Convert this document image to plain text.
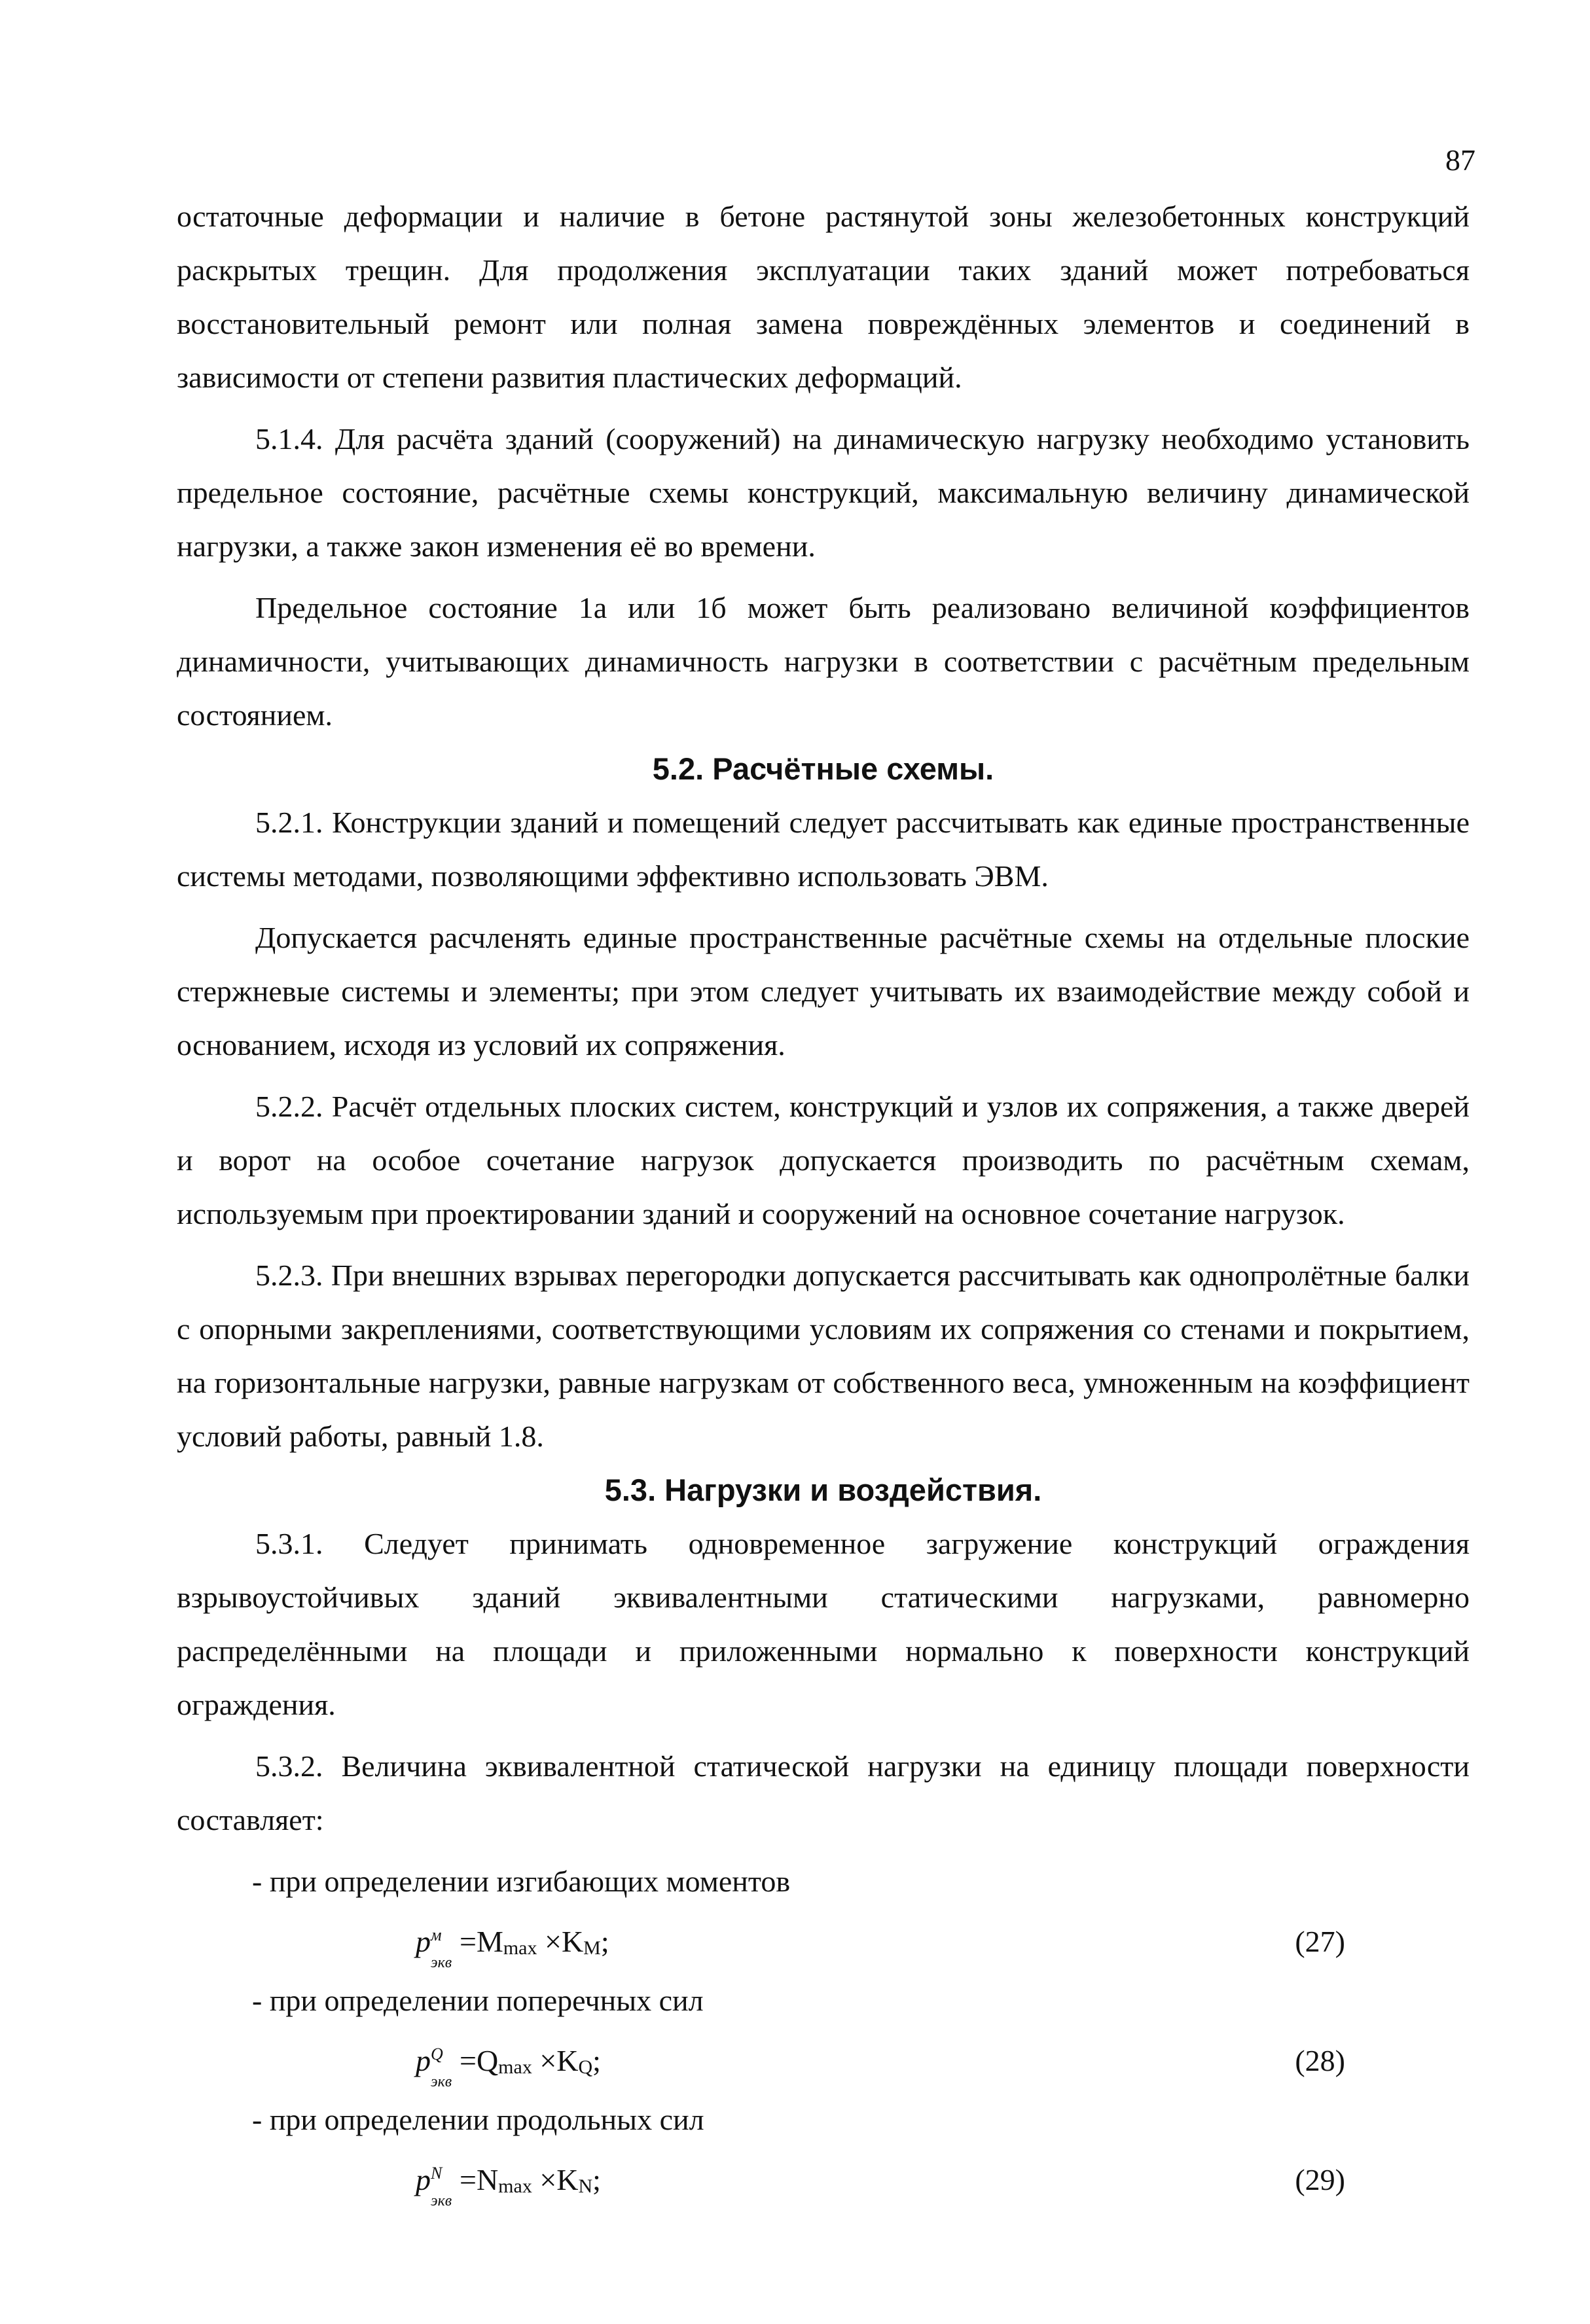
87

остаточные деформации и наличие в бетоне растянутой зоны железобетонных конструкций раскрытых трещин. Для продолжения эксплуатации таких зданий может потребоваться восстановительный ремонт или полная замена повреждённых элементов и соединений в зависимости от степени развития пластических деформаций.

5.1.4. Для расчёта зданий (сооружений) на динамическую нагрузку необходимо установить предельное состояние, расчётные схемы конструкций, максимальную величину динамической нагрузки, а также закон изменения её во времени.

Предельное состояние 1а или 1б может быть реализовано величиной коэффициентов динамичности, учитывающих динамичность нагрузки в соответствии с расчётным предельным состоянием.

5.2. Расчётные схемы.

5.2.1. Конструкции зданий и помещений следует рассчитывать как единые пространственные системы методами, позволяющими эффективно использовать ЭВМ.

Допускается расчленять единые пространственные расчётные схемы на отдельные плоские стержневые системы и элементы; при этом следует учитывать их взаимодействие между собой и основанием, исходя из условий их сопряжения.

5.2.2. Расчёт отдельных плоских систем, конструкций и узлов их сопряжения, а также дверей и ворот на особое сочетание нагрузок допускается производить по расчётным схемам, используемым при проектировании зданий и сооружений на основное сочетание нагрузок.

5.2.3. При внешних взрывах перегородки допускается рассчитывать как однопролётные балки с опорными закреплениями, соответствующими условиям их сопряжения со стенами и покрытием, на горизонтальные нагрузки, равные нагрузкам от собственного веса, умноженным на коэффициент условий работы, равный 1.8.

5.3. Нагрузки и воздействия.

5.3.1. Следует принимать одновременное загружение конструкций ограждения взрывоустойчивых зданий эквивалентными статическими нагрузками, равномерно распределёнными на площади и приложенными нормально к поверхности конструкций ограждения.

5.3.2. Величина эквивалентной статической нагрузки на единицу площади поверхности составляет:

- при определении изгибающих моментов

p м
экв
=Mmax ×KM;	(27)

- при определении поперечных сил

p Q
экв
=Qmax ×KQ;	(28)

- при определении продольных сил

p N
экв
=Nmax ×KN;	(29)
